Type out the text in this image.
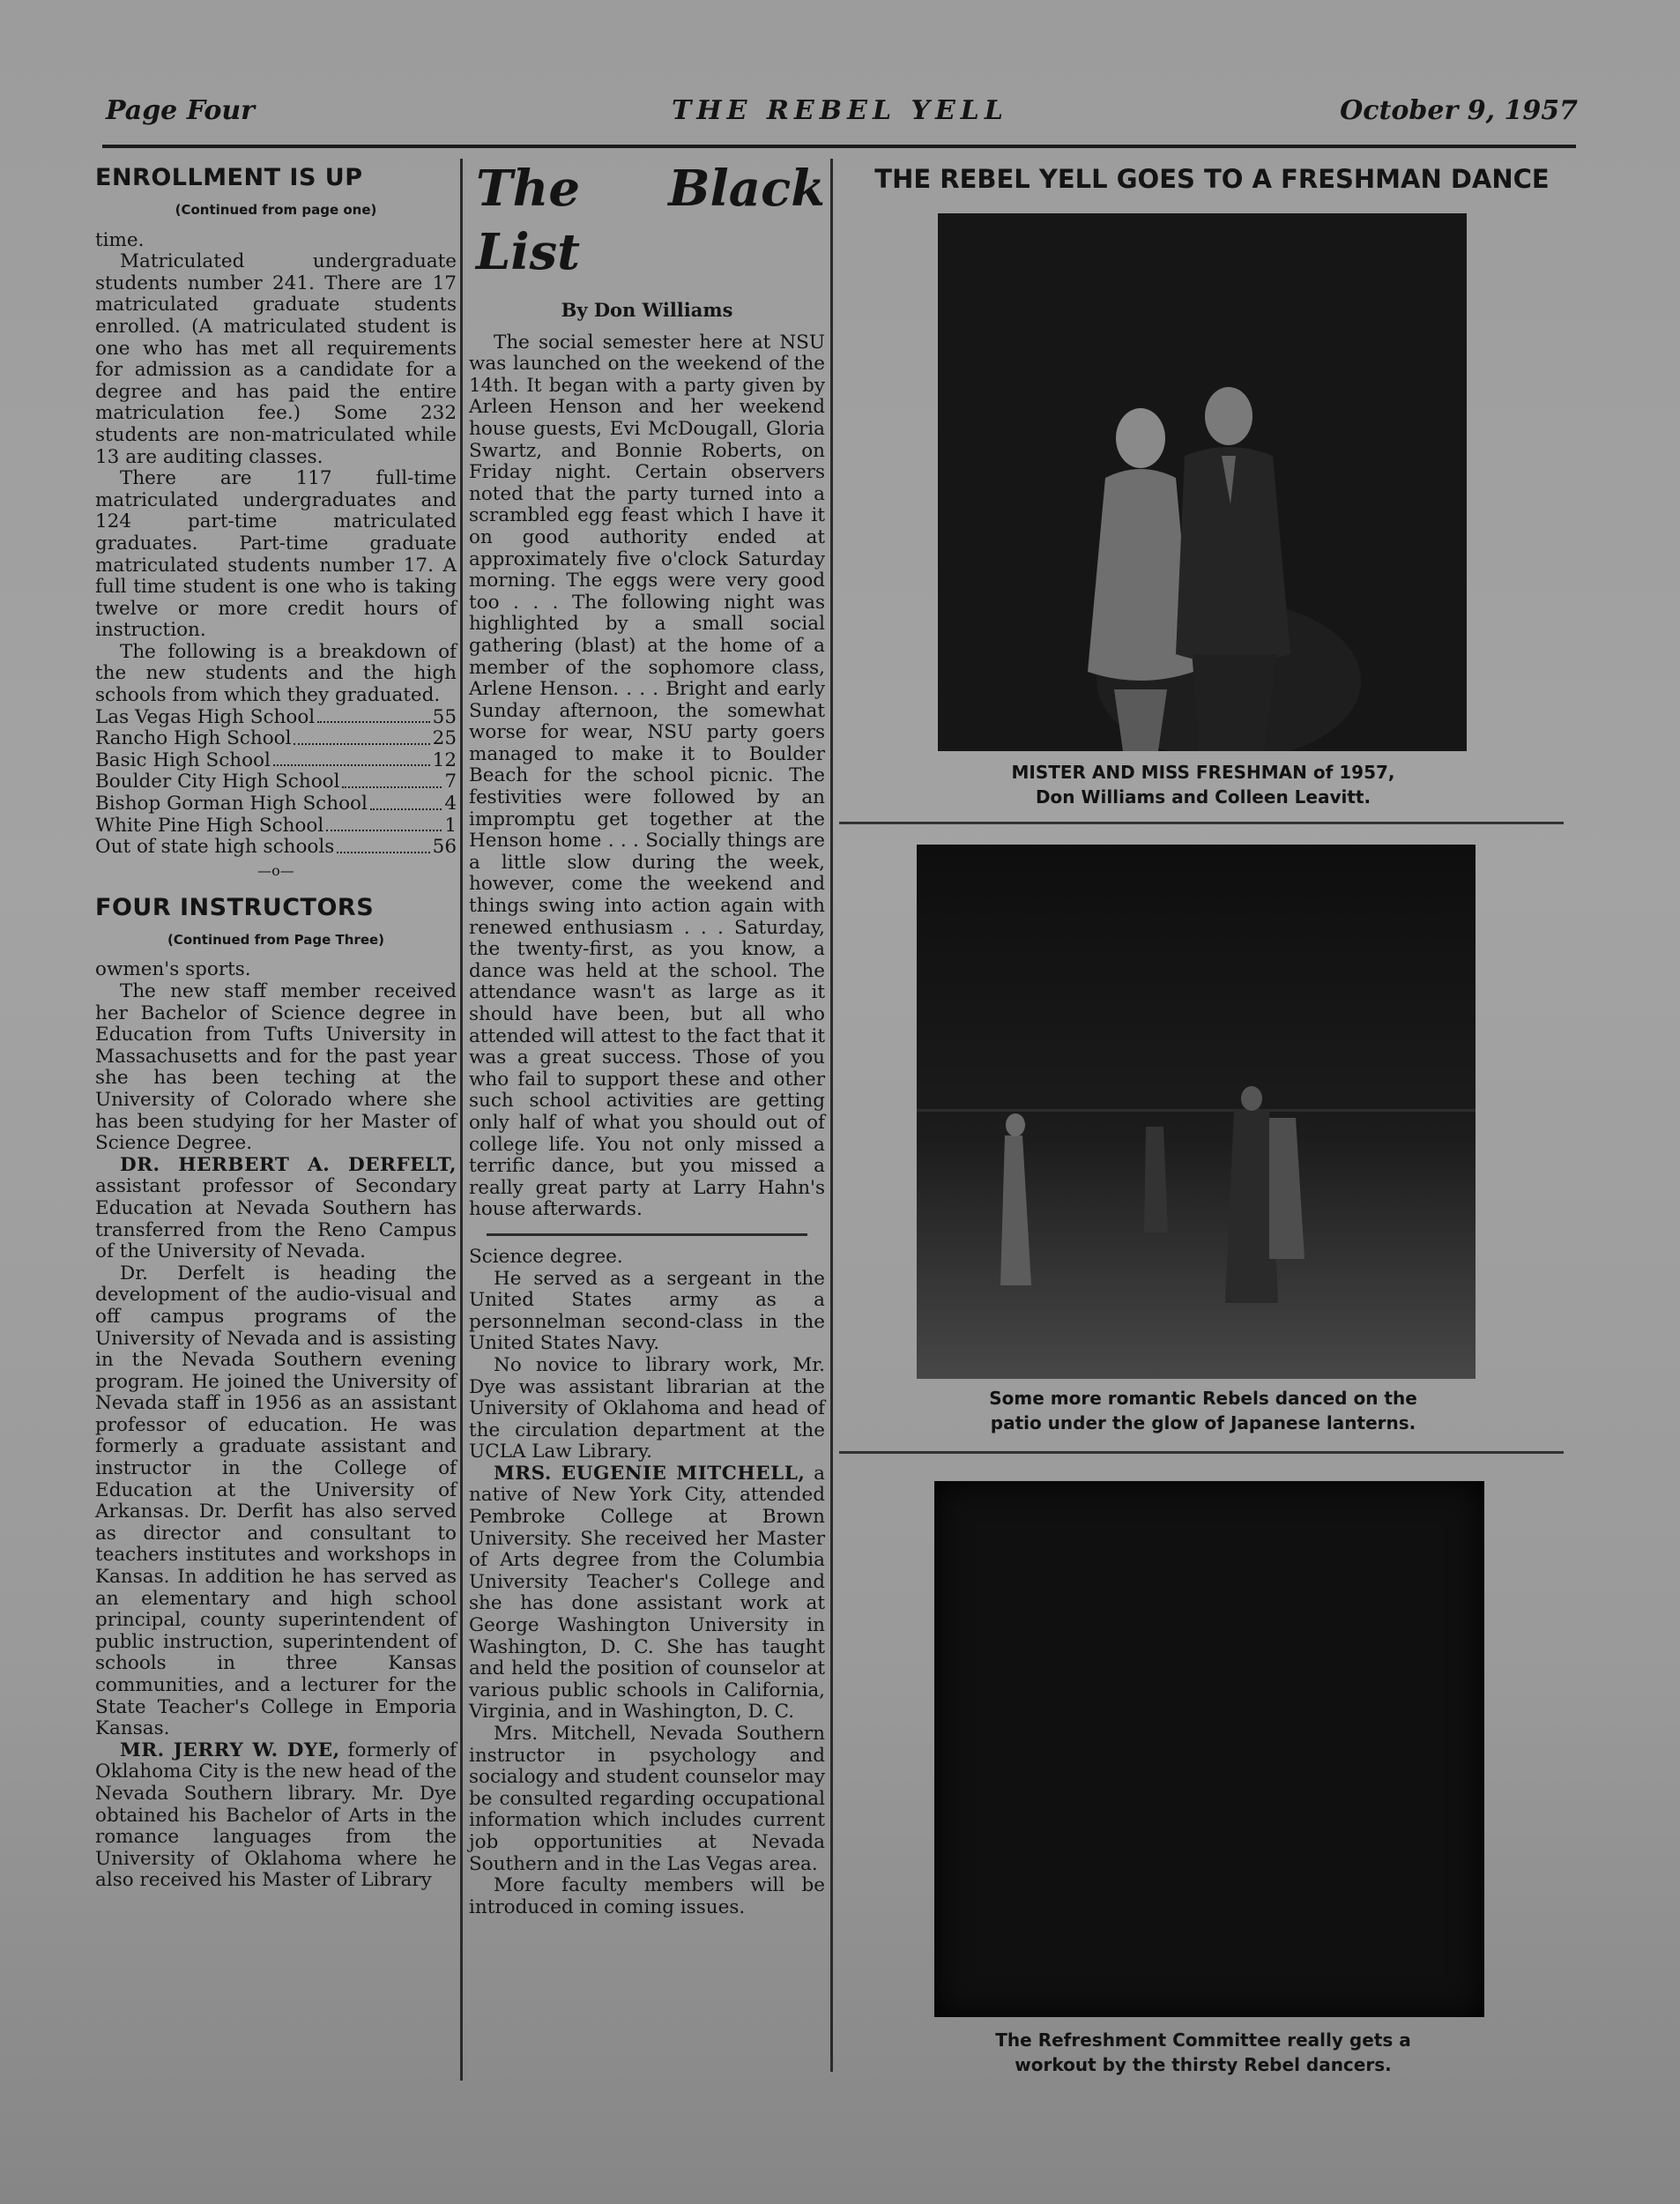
Page Four	THE REBEL YELL	October 9, 1957
ENROLLMENT IS UP
(Continued from page one)

time.

Matriculated undergraduate students number 241. There are 17 matriculated graduate students enrolled. (A matriculated student is one who has met all requirements for admission as a candidate for a degree and has paid the entire matriculation fee.) Some 232 students are non-matriculated while 13 are auditing classes.

There are 117 full-time matriculated undergraduates and 124 part-time matriculated graduates. Part-time graduate matriculated students number 17. A full time student is one who is taking twelve or more credit hours of instruction.

The following is a breakdown of the new students and the high schools from which they graduated.

Las Vegas High School	55
Rancho High School	25
Basic High School	12
Boulder City High School	7
Bishop Gorman High School	4
White Pine High School	1
Out of state high schools	56
—o—
FOUR INSTRUCTORS
(Continued from Page Three)

owmen's sports.

The new staff member received her Bachelor of Science degree in Education from Tufts University in Massachusetts and for the past year she has been teching at the University of Colorado where she has been studying for her Master of Science Degree.

DR. HERBERT A. DERFELT, assistant professor of Secondary Education at Nevada Southern has transferred from the Reno Campus of the University of Nevada.

Dr. Derfelt is heading the development of the audio-visual and off campus programs of the University of Nevada and is assisting in the Nevada Southern evening program. He joined the University of Nevada staff in 1956 as an assistant professor of education. He was formerly a graduate assistant and instructor in the College of Education at the University of Arkansas. Dr. Derfit has also served as director and consultant to teachers institutes and workshops in Kansas. In addition he has served as an elementary and high school principal, county superintendent of public instruction, superintendent of schools in three Kansas communities, and a lecturer for the State Teacher's College in Emporia Kansas.

MR. JERRY W. DYE, formerly of Oklahoma City is the new head of the Nevada Southern library. Mr. Dye obtained his Bachelor of Arts in the romance languages from the University of Oklahoma where he also received his Master of Library

The Black List
By Don Williams

The social semester here at NSU was launched on the weekend of the 14th. It began with a party given by Arleen Henson and her weekend house guests, Evi McDougall, Gloria Swartz, and Bonnie Roberts, on Friday night. Certain observers noted that the party turned into a scrambled egg feast which I have it on good authority ended at approximately five o'clock Saturday morning. The eggs were very good too . . . The following night was highlighted by a small social gathering (blast) at the home of a member of the sophomore class, Arlene Henson. . . . Bright and early Sunday afternoon, the somewhat worse for wear, NSU party goers managed to make it to Boulder Beach for the school picnic. The festivities were followed by an impromptu get together at the Henson home . . . Socially things are a little slow during the week, however, come the weekend and things swing into action again with renewed enthusiasm . . . Saturday, the twenty-first, as you know, a dance was held at the school. The attendance wasn't as large as it should have been, but all who attended will attest to the fact that it was a great success. Those of you who fail to support these and other such school activities are getting only half of what you should out of college life. You not only missed a terrific dance, but you missed a really great party at Larry Hahn's house afterwards.

Science degree.

He served as a sergeant in the United States army as a personnelman second-class in the United States Navy.

No novice to library work, Mr. Dye was assistant librarian at the University of Oklahoma and head of the circulation department at the UCLA Law Library.

MRS. EUGENIE MITCHELL, a native of New York City, attended Pembroke College at Brown University. She received her Master of Arts degree from the Columbia University Teacher's College and she has done assistant work at George Washington University in Washington, D. C. She has taught and held the position of counselor at various public schools in California, Virginia, and in Washington, D. C.

Mrs. Mitchell, Nevada Southern instructor in psychology and socialogy and student counselor may be consulted regarding occupational information which includes current job opportunities at Nevada Southern and in the Las Vegas area.

More faculty members will be introduced in coming issues.

THE REBEL YELL GOES TO A FRESHMAN DANCE
MISTER AND MISS FRESHMAN of 1957,
Don Williams and Colleen Leavitt.
Some more romantic Rebels danced on the
patio under the glow of Japanese lanterns.
The Refreshment Committee really gets a
workout by the thirsty Rebel dancers.
